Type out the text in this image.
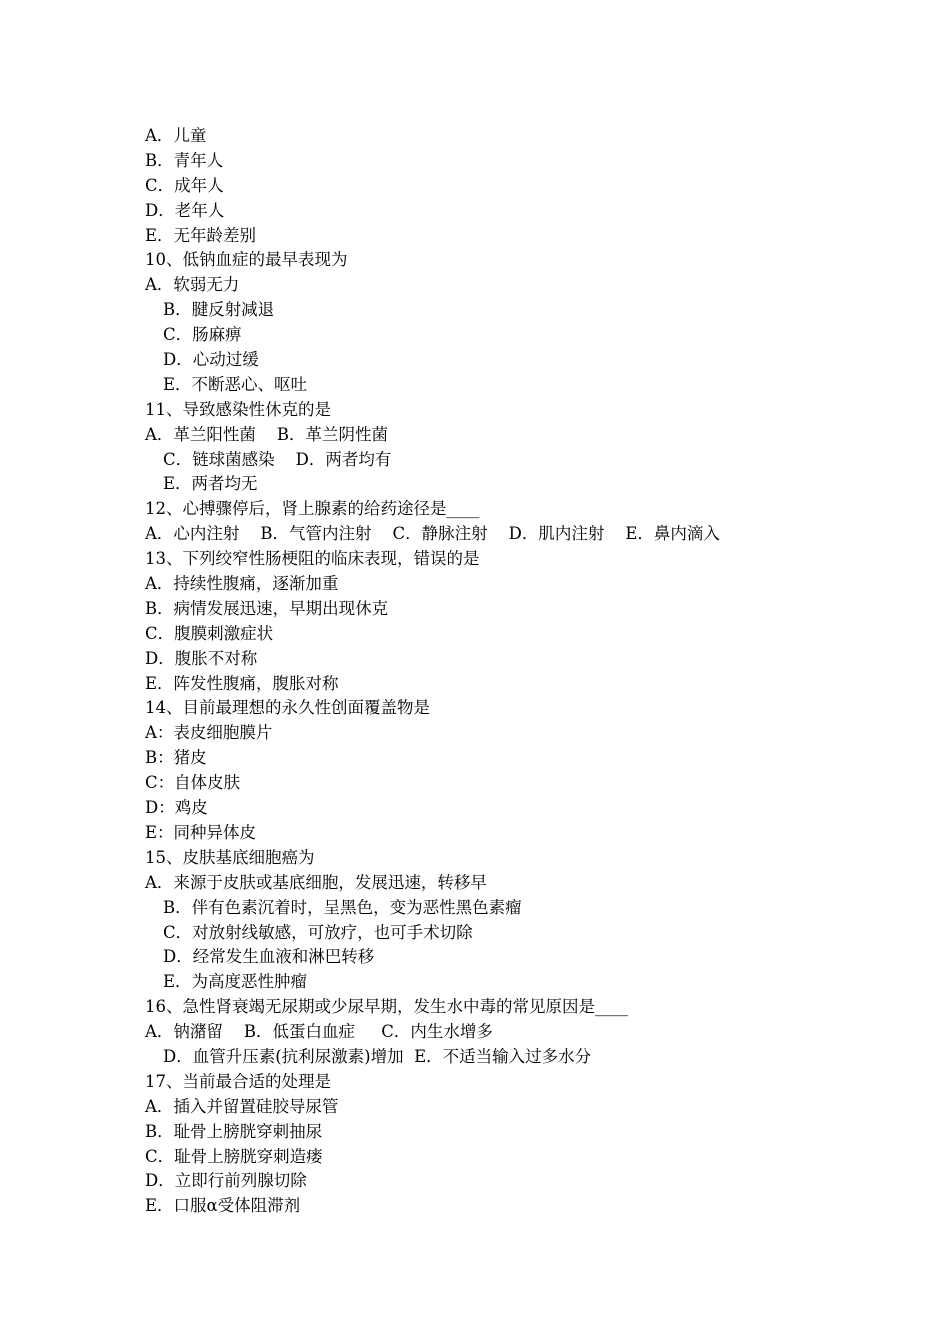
A．儿童

B．青年人

C．成年人

D．老年人

E．无年龄差别

10、低钠血症的最早表现为

A．软弱无力

B．腱反射减退

C．肠麻痹

D．心动过缓

E．不断恶心、呕吐

11、导致感染性休克的是

A．革兰阳性菌    B．革兰阴性菌

C．链球菌感染    D．两者均有

E．两者均无

12、心搏骤停后，肾上腺素的给药途径是____

A．心内注射    B．气管内注射    C．静脉注射    D．肌内注射    E．鼻内滴入

13、下列绞窄性肠梗阻的临床表现，错误的是

A．持续性腹痛，逐渐加重

B．病情发展迅速，早期出现休克

C．腹膜刺激症状

D．腹胀不对称

E．阵发性腹痛，腹胀对称

14、目前最理想的永久性创面覆盖物是

A：表皮细胞膜片

B：猪皮

C：自体皮肤

D：鸡皮

E：同种异体皮

15、皮肤基底细胞癌为

A．来源于皮肤或基底细胞，发展迅速，转移早

B．伴有色素沉着时，呈黑色，变为恶性黑色素瘤

C．对放射线敏感，可放疗，也可手术切除

D．经常发生血液和淋巴转移

E．为高度恶性肿瘤

16、急性肾衰竭无尿期或少尿早期，发生水中毒的常见原因是____

A．钠潴留    B．低蛋白血症     C．内生水增多

D．血管升压素(抗利尿激素)增加  E．不适当输入过多水分

17、当前最合适的处理是

A．插入并留置硅胶导尿管

B．耻骨上膀胱穿刺抽尿

C．耻骨上膀胱穿刺造瘘

D．立即行前列腺切除

E．口服α受体阻滞剂
